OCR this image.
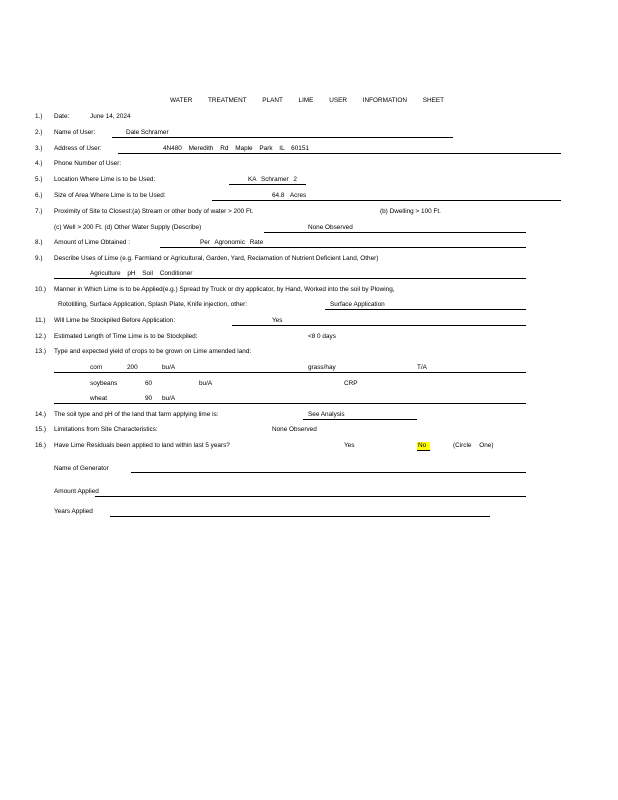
WATER TREATMENT PLANT LIME USER INFORMATION SHEET
1.) Date:	June 14, 2024
2.) Name of User:	Dale Schramer
3.) Address of User:	4N480 Meredith Rd Maple Park IL 60151
4.) Phone Number of User:
5.) Location Where Lime is to be Used:	KA Schramer 2
6.) Size of Area Where Lime is to be Used:	64.8 Acres
7.) Proximity of Site to Closest:(a) Stream or other body of water > 200 Ft.	(b) Dwelling > 100 Ft.
(c) Well > 200 Ft. (d) Other Water Supply (Describe)	None Observed
8.) Amount of Lime Obtained :	Per Agronomic Rate
9.) Describe Uses of Lime (e.g. Farmland or Agricultural, Garden, Yard, Reclamation of Nutrient Deficient Land, Other)
Agriculture pH Soil Conditioner
10.) Manner in Which Lime is to be Applied(e.g.) Spread by Truck or dry applicator, by Hand, Worked into the soil by Plowing,
Rototilling, Surface Application, Splash Plate, Knife injection, other:	Surface Application
11.) Will Lime be Stockpiled Before Application:	Yes
12.) Estimated Length of Time Lime is to be Stockpiled:	<8 0 days
13.) Type and expected yield of crops to be grown on Lime amended land:
corn	200	bu/A	grass/hay	T/A
soybeans	60	bu/A	CRP
wheat	90 bu/A
14.) The soil type and pH of the land that farm applying lime is:	See Analysis
15.) Limitations from Site Characteristics:	None Observed
16.) Have Lime Residuals been applied to land within last 5 years?	Yes	No	(Circle One)
Name of Generator
Amount Applied
Years Applied
